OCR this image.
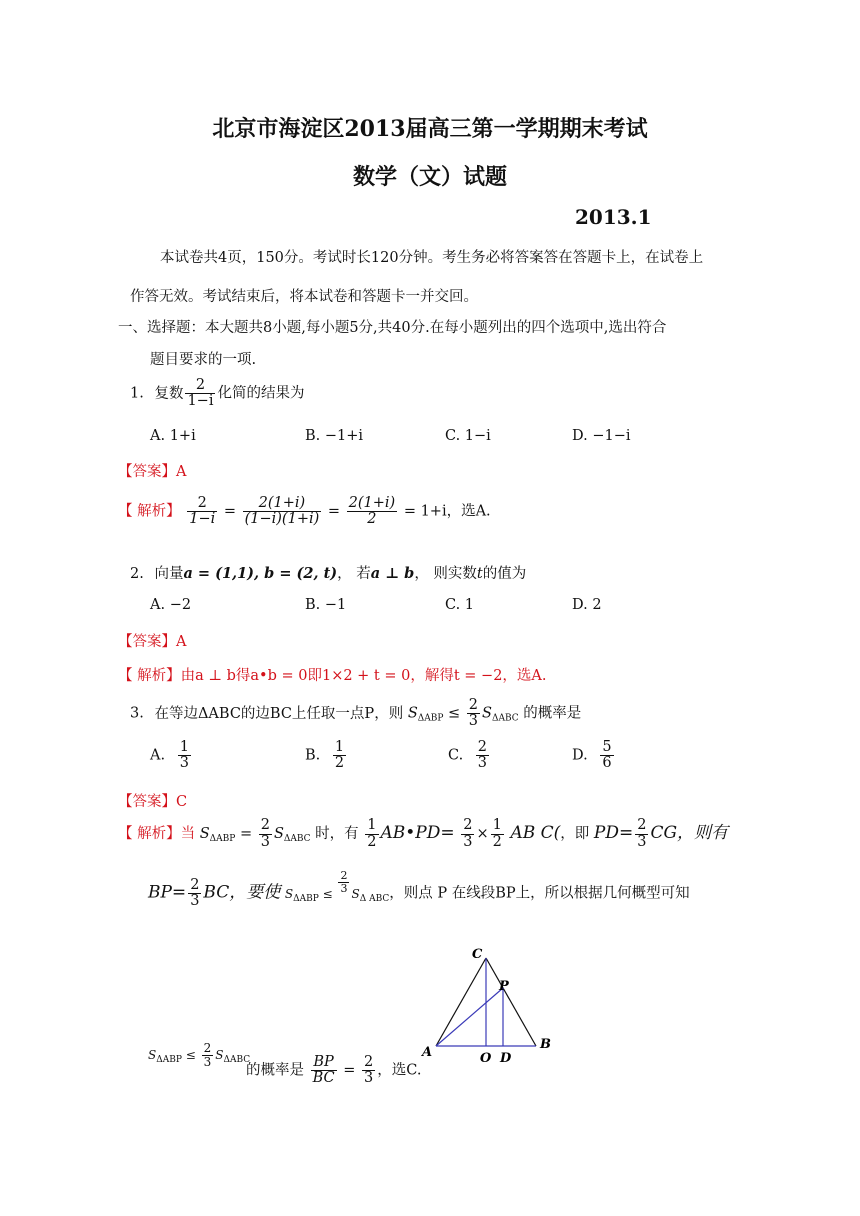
北京市海淀区2013届高三第一学期期末考试
数学（文）试题
2013.1
本试卷共4页，150分。考试时长120分钟。考生务必将答案答在答题卡上，在试卷上
作答无效。考试结束后，将本试卷和答题卡一并交回。
一、选择题：本大题共8小题,每小题5分,共40分.在每小题列出的四个选项中,选出符合
题目要求的一项.
1. 复数 $\frac{2}{1-i}$ 化简的结果为
A. 1+i	B. −1+i	C. 1−i	D. −1−i
【答案】A
【 解析】 $\frac{2}{1-i} = \frac{2(1+i)}{(1-i)(1+i)} = \frac{2(1+i)}{2} = 1+i$，选A.
2. 向量a = (1,1), b = (2, t)， 若a ⊥ b， 则实数t的值为
A. −2	B. −1	C. 1	D. 2
【答案】A
【 解析】由a ⊥ b得a•b = 0即1×2 + t = 0，解得t = −2，选A.
3. 在等边ΔABC的边BC上任取一点P，则 $S_{\Delta ABP} \le \frac{2}{3} S_{\Delta ABC}$ 的概率是
A. $\frac{1}{3}$	B. $\frac{1}{2}$	C. $\frac{2}{3}$	D. $\frac{5}{6}$
【答案】C
【 解析】当 $S_{\Delta ABP} = \frac{2}{3} S_{\Delta ABC}$ 时，有 $\frac{1}{2}$ AB•PD= $\frac{2}{3} \times \frac{1}{2}$ AB C(，即 $PD= \frac{2}{3}$ CG，则有
$BP= \frac{2}{3}$ BC，要使 $S_{\Delta ABP} \le \frac{2}{3} S_{\Delta ABC}$，则点 P 在线段BP上，所以根据几何概型可知
C
P
A	O D
B
$S_{\Delta ABP} \le \frac{2}{3} S_{\Delta ABC}$
的概率是 $\frac{BP}{BC} = \frac{2}{3}$ ，选C.
